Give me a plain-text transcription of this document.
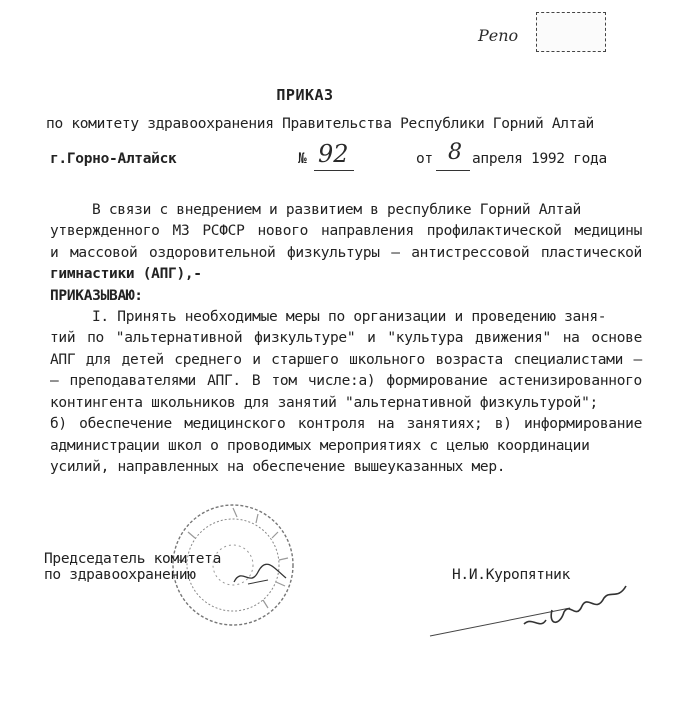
Репо
ПРИКАЗ
по комитету здравоохранения Правительства Республики Горний Алтай
г.Горно-Алтайск	№ 92	от 8 апреля 1992 года
В связи с внедрением и развитием в республике Горний Алтай
утвержденного МЗ РСФСР нового направления профилактической медицины
и массовой оздоровительной физкультуры – антистрессовой пластической
гимнастики (АПГ),-
ПРИКАЗЫВАЮ:
I. Принять необходимые меры по организации и проведению заня-
тий по "альтернативной физкультуре" и "культура движения" на основе
АПГ для детей среднего и старшего школьного возраста специалистами –
– преподавателями АПГ. В том числе:а) формирование астенизированного
контингента школьников для занятий "альтернативной физкультурой";
б) обеспечение медицинского контроля на занятиях; в) информирование
администрации школ о проводимых мероприятиях с целью координации
усилий, направленных на обеспечение вышеуказанных мер.
Председатель комитета
по здравоохранению	Н.И.Куропятник
